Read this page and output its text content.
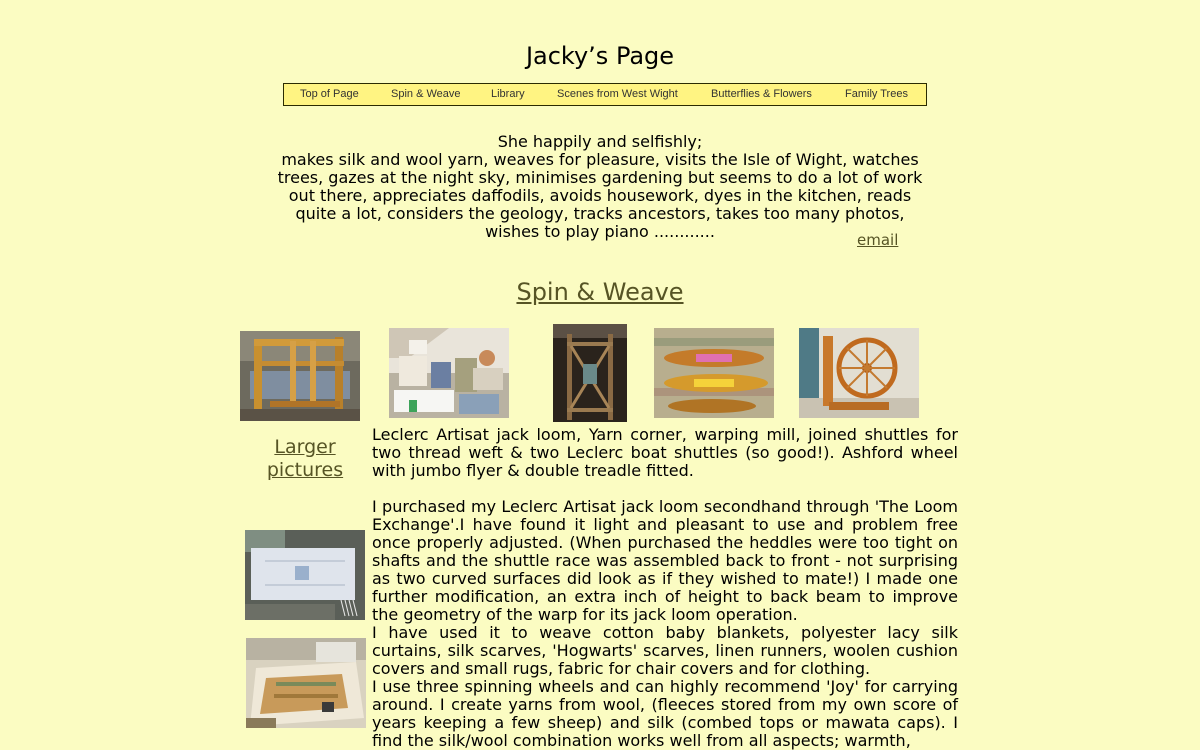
Jacky’s Page
Top of Page	Spin & Weave	Library	Scenes from West Wight	Butterflies & Flowers	Family Trees
She happily and selfishly;
makes silk and wool yarn, weaves for pleasure, visits the Isle of Wight, watches trees, gazes at the night sky, minimises gardening but seems to do a lot of work out there, appreciates daffodils, avoids housework, dyes in the kitchen, reads quite a lot, considers the geology, tracks ancestors, takes too many photos, wishes to play piano ............	email
Spin & Weave
Larger
pictures

Leclerc Artisat jack loom, Yarn corner, warping mill, joined shuttles for two thread weft & two Leclerc boat shuttles (so good!). Ashford wheel with jumbo flyer & double treadle fitted.

I purchased my Leclerc Artisat jack loom secondhand through 'The Loom Exchange'.I have found it light and pleasant to use and problem free once properly adjusted. (When purchased the heddles were too tight on shafts and the shuttle race was assembled back to front - not surprising as two curved surfaces did look as if they wished to mate!) I made one further modification, an extra inch of height to back beam to improve the geometry of the warp for its jack loom operation.

I have used it to weave cotton baby blankets, polyester lacy silk curtains, silk scarves, 'Hogwarts' scarves, linen runners, woolen cushion covers and small rugs, fabric for chair covers and for clothing.

I use three spinning wheels and can highly recommend 'Joy' for carrying around. I create yarns from wool, (fleeces stored from my own score of years keeping a few sheep) and silk (combed tops or mawata caps). I find the silk/wool combination works well from all aspects; warmth,
